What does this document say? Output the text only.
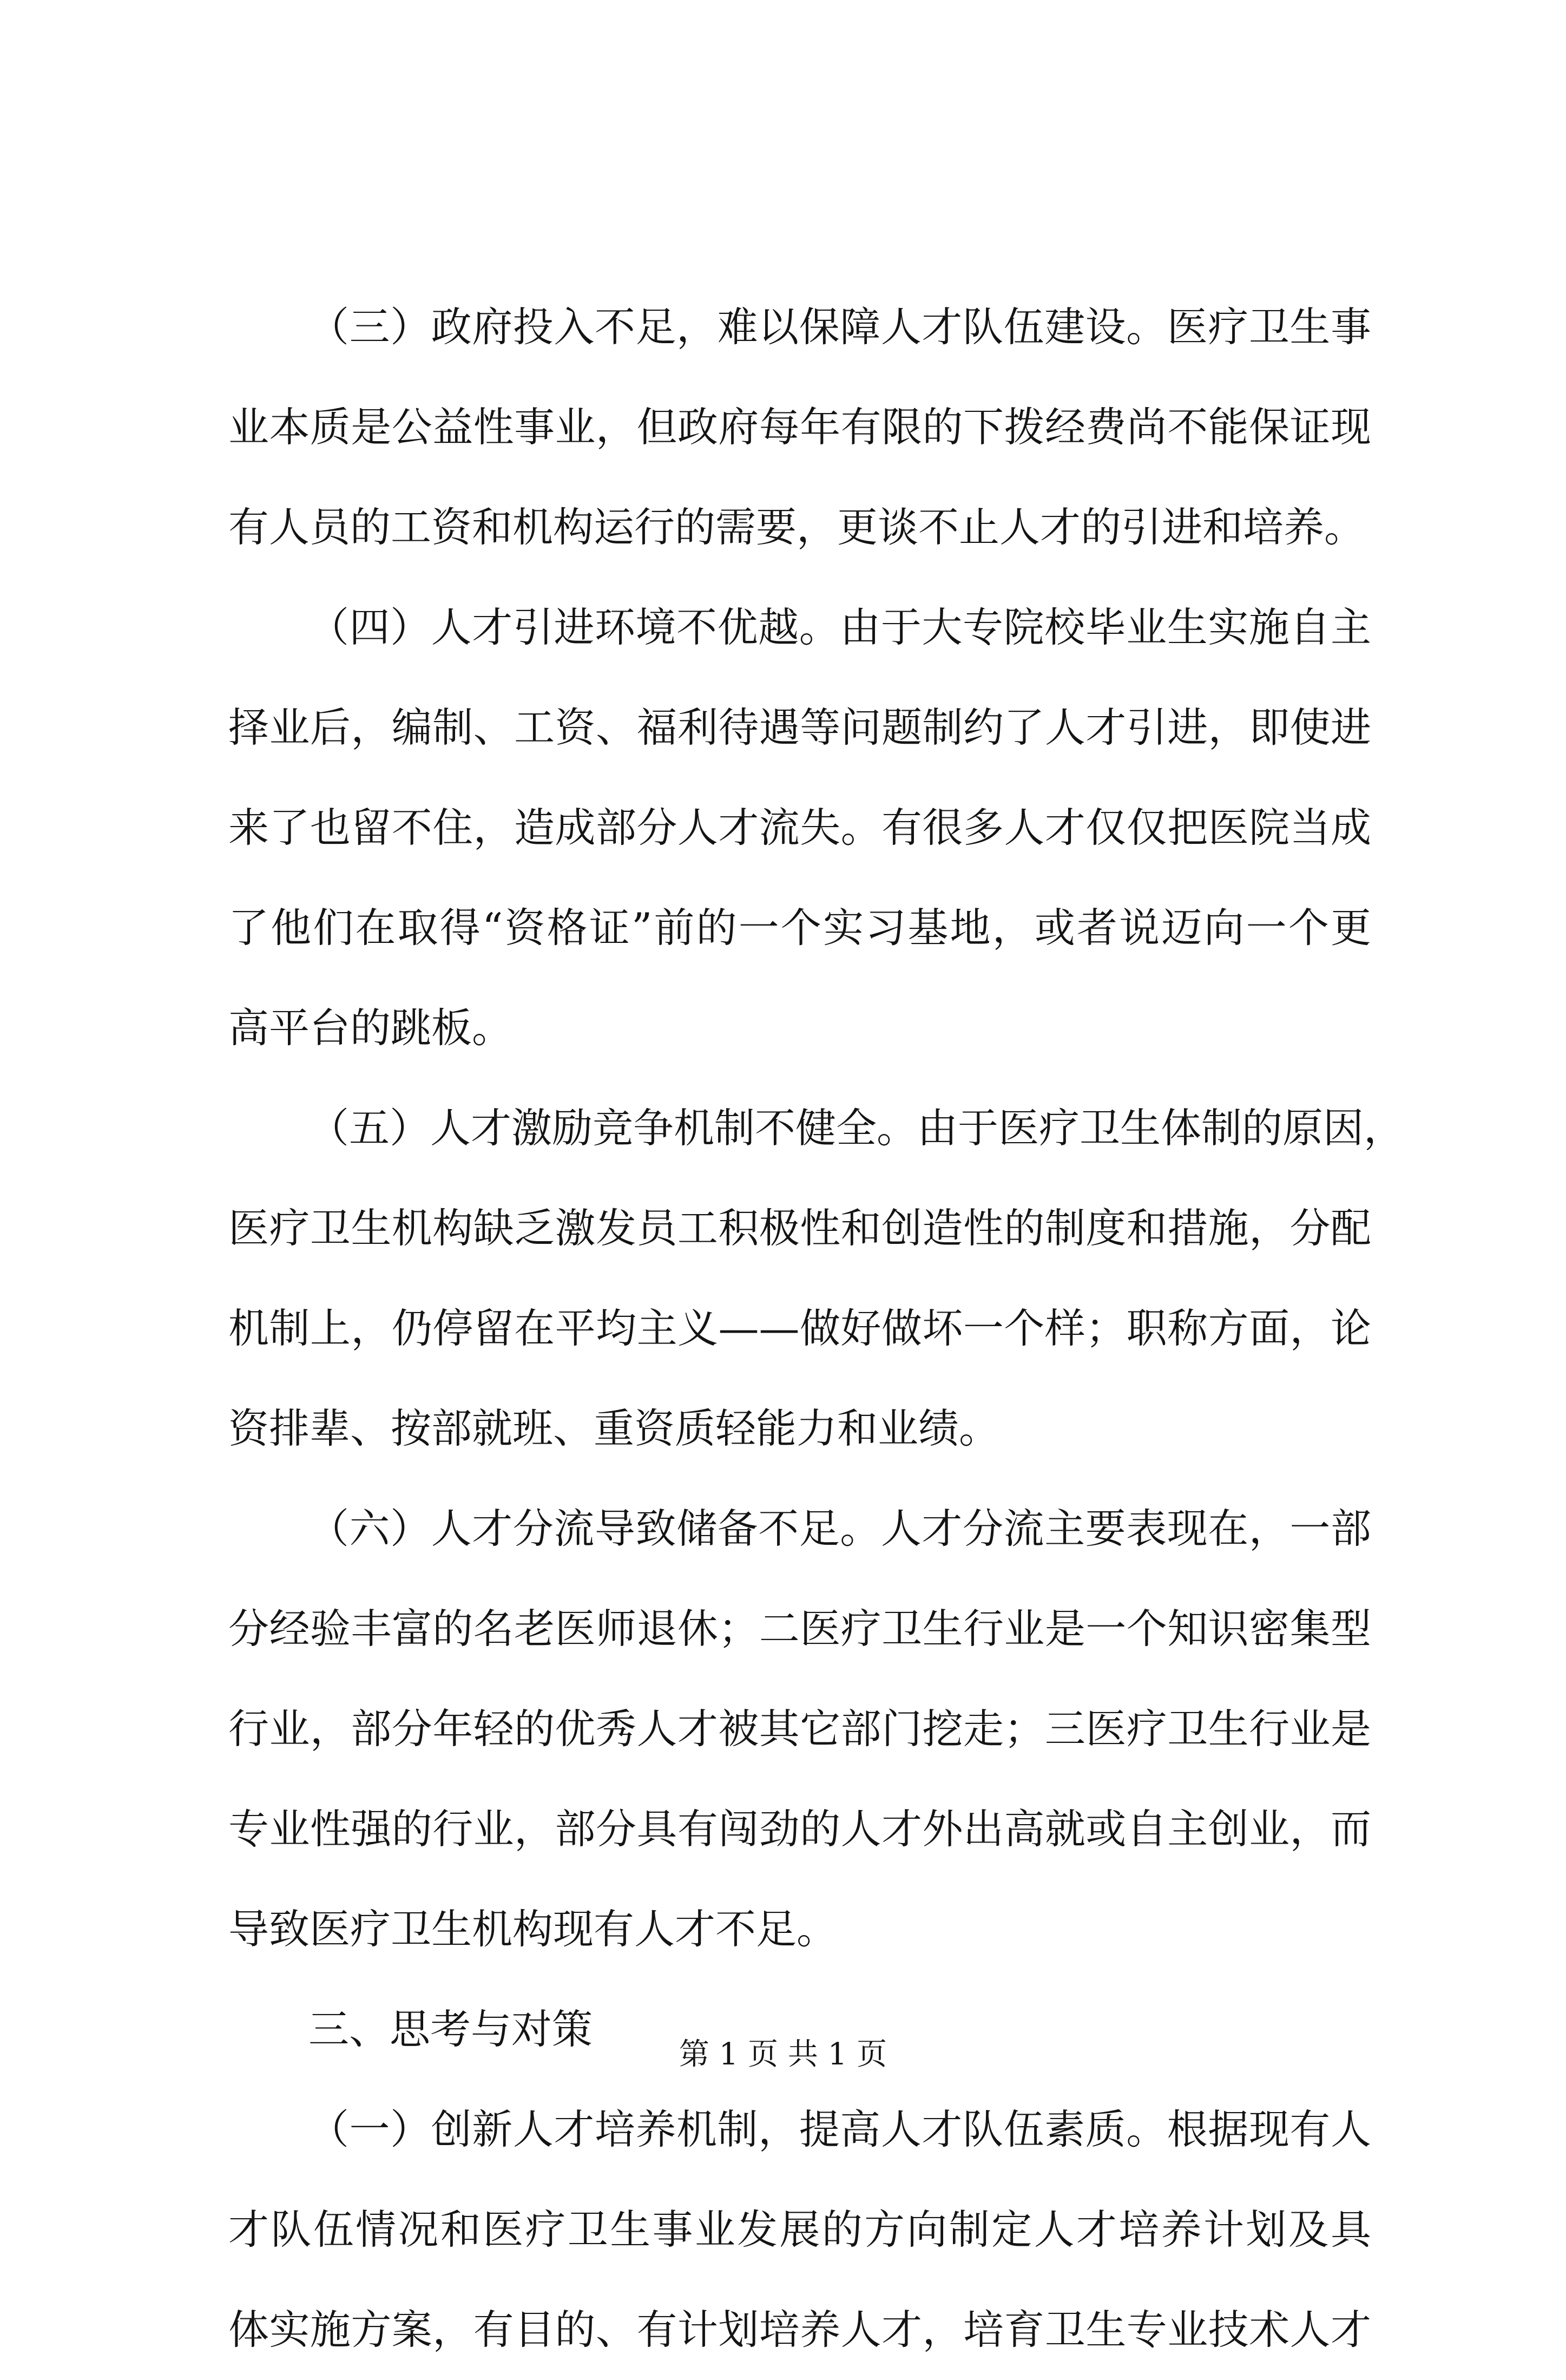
（三）政府投入不足，难以保障人才队伍建设。医疗卫生事
业本质是公益性事业，但政府每年有限的下拨经费尚不能保证现
有人员的工资和机构运行的需要，更谈不止人才的引进和培养。
（四）人才引进环境不优越。由于大专院校毕业生实施自主
择业后，编制、工资、福利待遇等问题制约了人才引进，即使进
来了也留不住，造成部分人才流失。有很多人才仅仅把医院当成
了他们在取得“资格证”前的一个实习基地，或者说迈向一个更
高平台的跳板。
（五）人才激励竞争机制不健全。由于医疗卫生体制的原因，
医疗卫生机构缺乏激发员工积极性和创造性的制度和措施，分配
机制上，仍停留在平均主义——做好做坏一个样；职称方面，论
资排辈、按部就班、重资质轻能力和业绩。
（六）人才分流导致储备不足。人才分流主要表现在，一部
分经验丰富的名老医师退休；二医疗卫生行业是一个知识密集型
行业，部分年轻的优秀人才被其它部门挖走；三医疗卫生行业是
专业性强的行业，部分具有闯劲的人才外出高就或自主创业，而
导致医疗卫生机构现有人才不足。
三、思考与对策
（一）创新人才培养机制，提高人才队伍素质。根据现有人
才队伍情况和医疗卫生事业发展的方向制定人才培养计划及具
体实施方案，有目的、有计划培养人才，培育卫生专业技术人才
第 1 页 共 1 页
